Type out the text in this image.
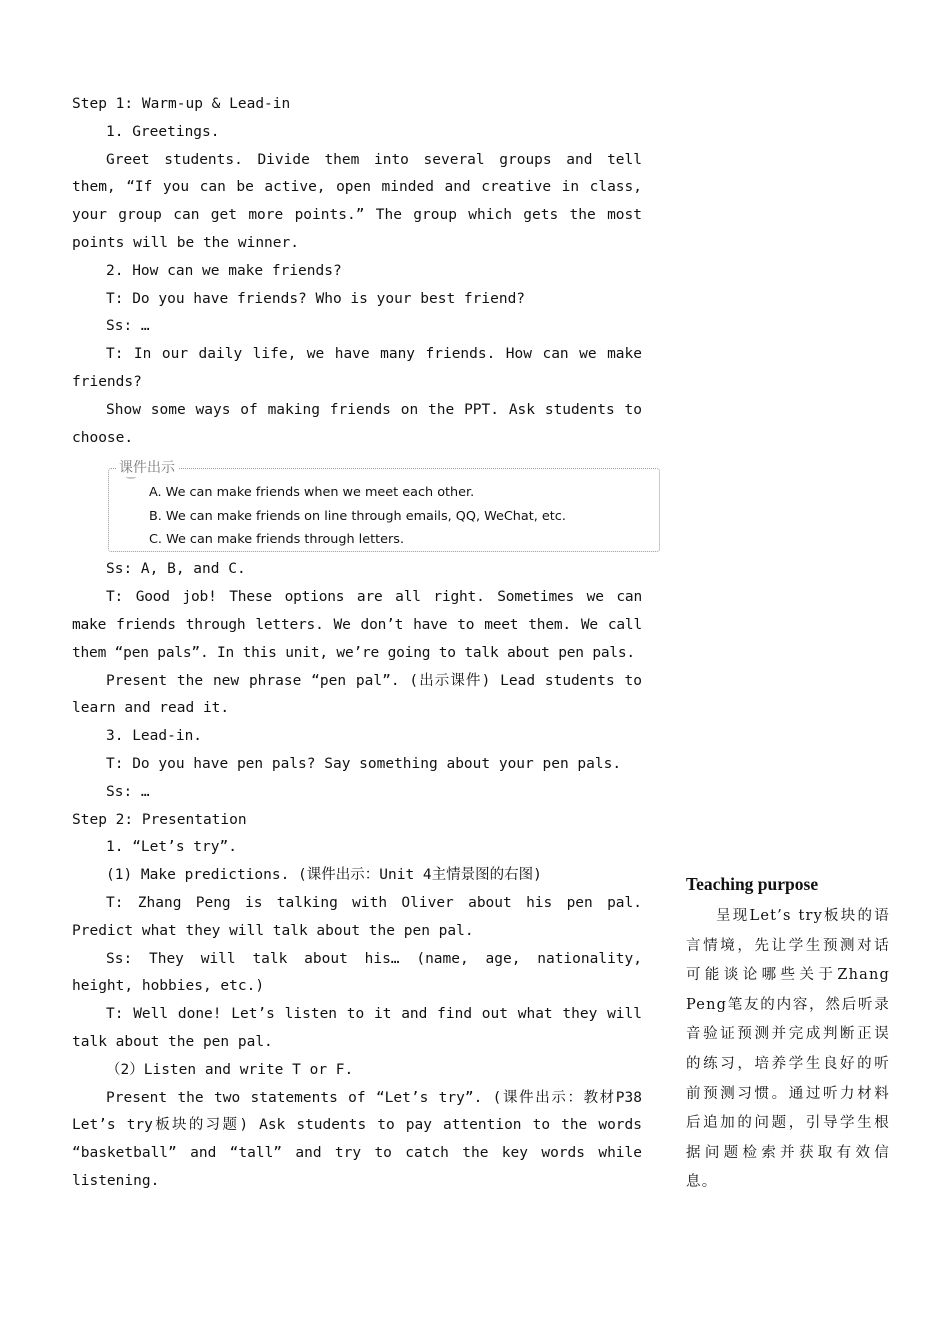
Step 1: Warm-up & Lead-in

1. Greetings.

Greet students. Divide them into several groups and tell them, “If you can be active, open minded and creative in class, your group can get more points.” The group which gets the most points will be the winner.

2. How can we make friends?

T: Do you have friends? Who is your best friend?

Ss: …

T: In our daily life, we have many friends. How can we make friends?

Show some ways of making friends on the PPT. Ask students to choose.

课件出示
A. We can make friends when we meet each other.
B. We can make friends on line through emails, QQ, WeChat, etc.
C. We can make friends through letters.

Ss: A, B, and C.

T: Good job! These options are all right. Sometimes we can make friends through letters. We don’t have to meet them. We call them “pen pals”. In this unit, we’re going to talk about pen pals.

Present the new phrase “pen pal”. (出示课件) Lead students to learn and read it.

3. Lead-in.

T: Do you have pen pals? Say something about your pen pals.

Ss: …

Step 2: Presentation

1. “Let’s try”.

(1) Make predictions. (课件出示：Unit 4主情景图的右图)

T: Zhang Peng is talking with Oliver about his pen pal. Predict what they will talk about the pen pal.

Ss: They will talk about his… (name, age, nationality, height, hobbies, etc.)

T: Well done! Let’s listen to it and find out what they will talk about the pen pal.

（2）Listen and write T or F.

Present the two statements of “Let’s try”. (课件出示：教材P38 Let’s try板块的习题) Ask students to pay attention to the words “basketball” and “tall” and try to catch the key words while listening.

Teaching purpose

呈现Let’s try板块的语言情境，先让学生预测对话可能谈论哪些关于Zhang Peng笔友的内容，然后听录音验证预测并完成判断正误的练习，培养学生良好的听前预测习惯。通过听力材料后追加的问题，引导学生根据问题检索并获取有效信息。
